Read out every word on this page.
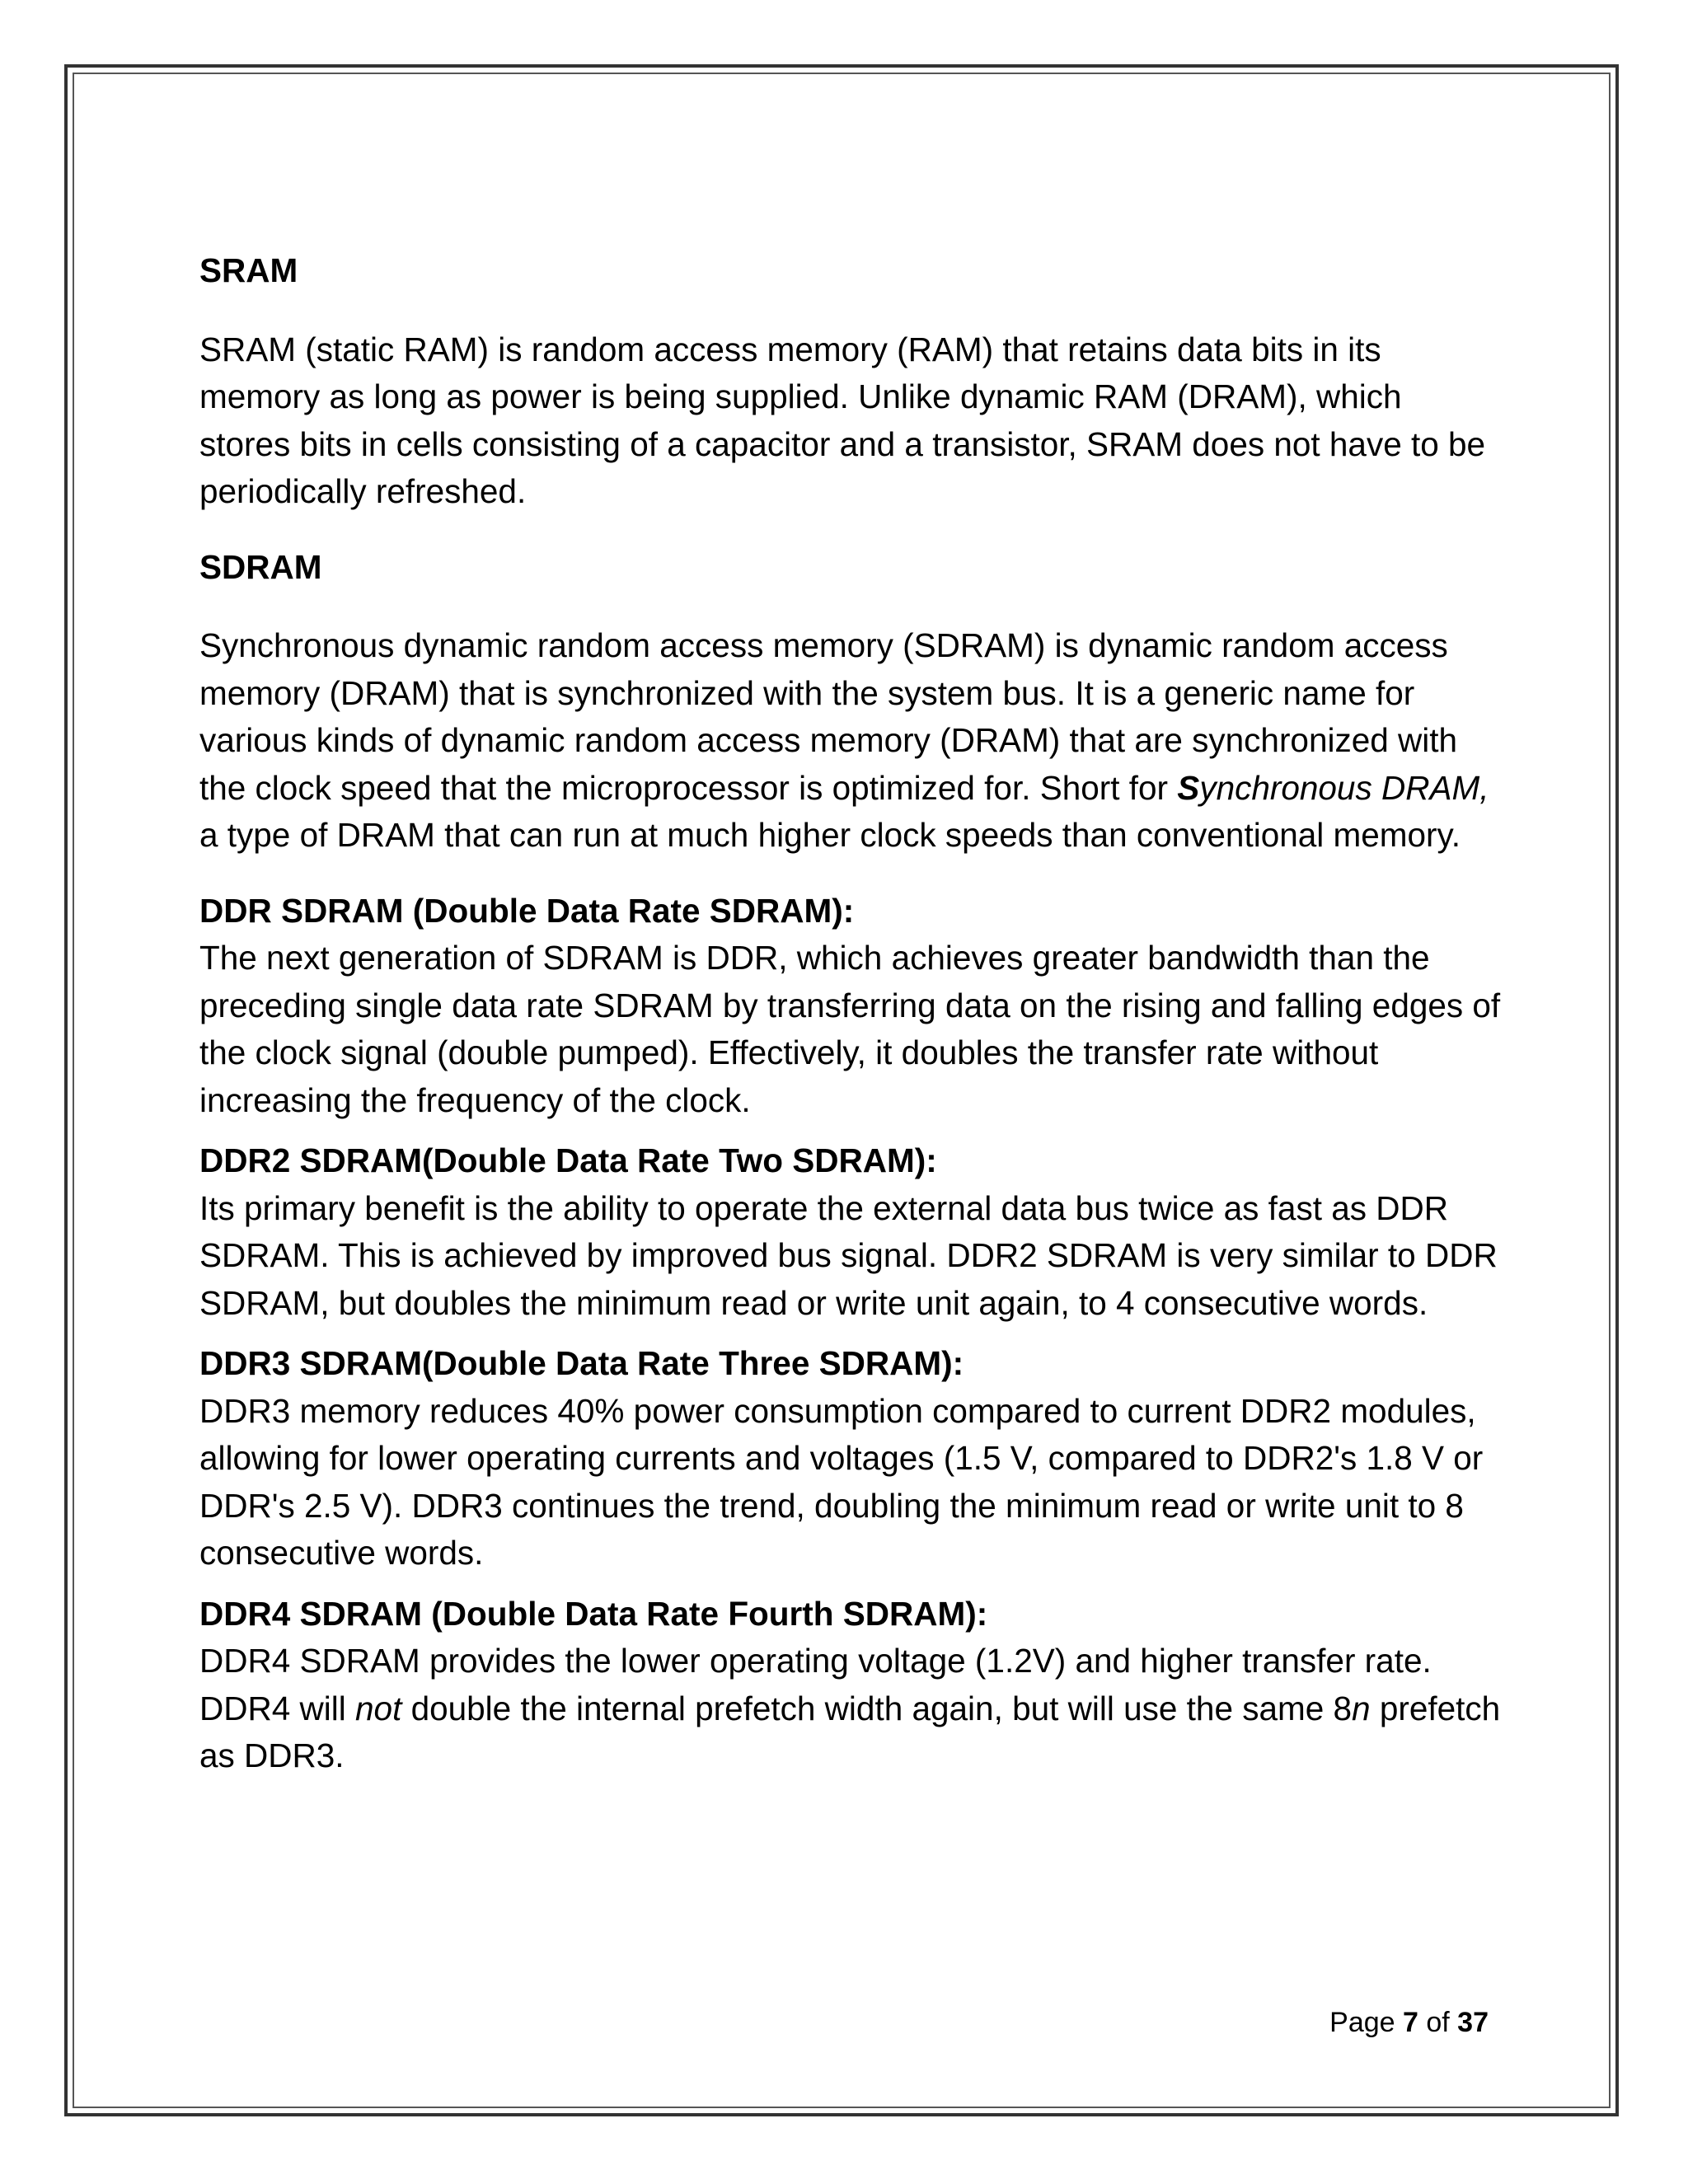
SRAM

SRAM (static RAM) is random access memory (RAM) that retains data bits in its memory as long as power is being supplied. Unlike dynamic RAM (DRAM), which stores bits in cells consisting of a capacitor and a transistor, SRAM does not have to be periodically refreshed.

SDRAM

Synchronous dynamic random access memory (SDRAM) is dynamic random access memory (DRAM) that is synchronized with the system bus. It is a generic name for various kinds of dynamic random access memory (DRAM) that are synchronized with the clock speed that the microprocessor is optimized for. Short for Synchronous DRAM, a type of DRAM that can run at much higher clock speeds than conventional memory.

DDR SDRAM (Double Data Rate SDRAM):

The next generation of SDRAM is DDR, which achieves greater bandwidth than the preceding single data rate SDRAM by transferring data on the rising and falling edges of the clock signal (double pumped). Effectively, it doubles the transfer rate without increasing the frequency of the clock.

DDR2 SDRAM(Double Data Rate Two SDRAM):

Its primary benefit is the ability to operate the external data bus twice as fast as DDR SDRAM. This is achieved by improved bus signal. DDR2 SDRAM is very similar to DDR SDRAM, but doubles the minimum read or write unit again, to 4 consecutive words.

DDR3 SDRAM(Double Data Rate Three SDRAM):

DDR3 memory reduces 40% power consumption compared to current DDR2 modules, allowing for lower operating currents and voltages (1.5 V, compared to DDR2's 1.8 V or DDR's 2.5 V). DDR3 continues the trend, doubling the minimum read or write unit to 8 consecutive words.

DDR4 SDRAM (Double Data Rate Fourth SDRAM):

DDR4 SDRAM provides the lower operating voltage (1.2V) and higher transfer rate. DDR4 will not double the internal prefetch width again, but will use the same 8n prefetch as DDR3.

Page 7 of 37
